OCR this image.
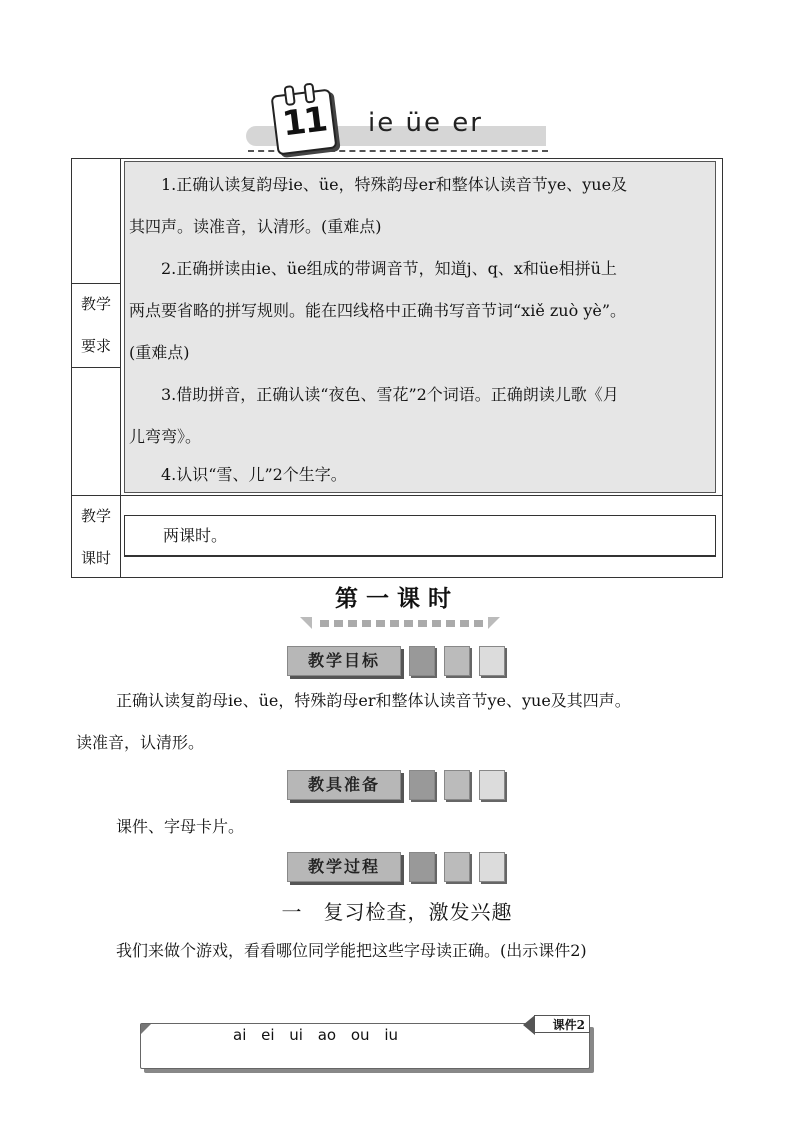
11 ie üe er
教学
要求
教学
课时

1.正确认读复韵母ie、üe，特殊韵母er和整体认读音节ye、yue及

其四声。读准音，认清形。(重难点)

2.正确拼读由ie、üe组成的带调音节，知道j、q、x和üe相拼ü上

两点要省略的拼写规则。能在四线格中正确书写音节词“xiě zuò yè”。

(重难点)

3.借助拼音，正确认读“夜色、雪花”2个词语。正确朗读儿歌《月

儿弯弯》。

4.认识“雪、儿”2个生字。

两课时。
第一课时
教学目标

正确认读复韵母ie、üe，特殊韵母er和整体认读音节ye、yue及其四声。

读准音，认清形。

教具准备

课件、字母卡片。

教学过程
一　复习检查，激发兴趣

我们来做个游戏，看看哪位同学能把这些字母读正确。(出示课件2)

ai ei ui ao ou iu
课件2
